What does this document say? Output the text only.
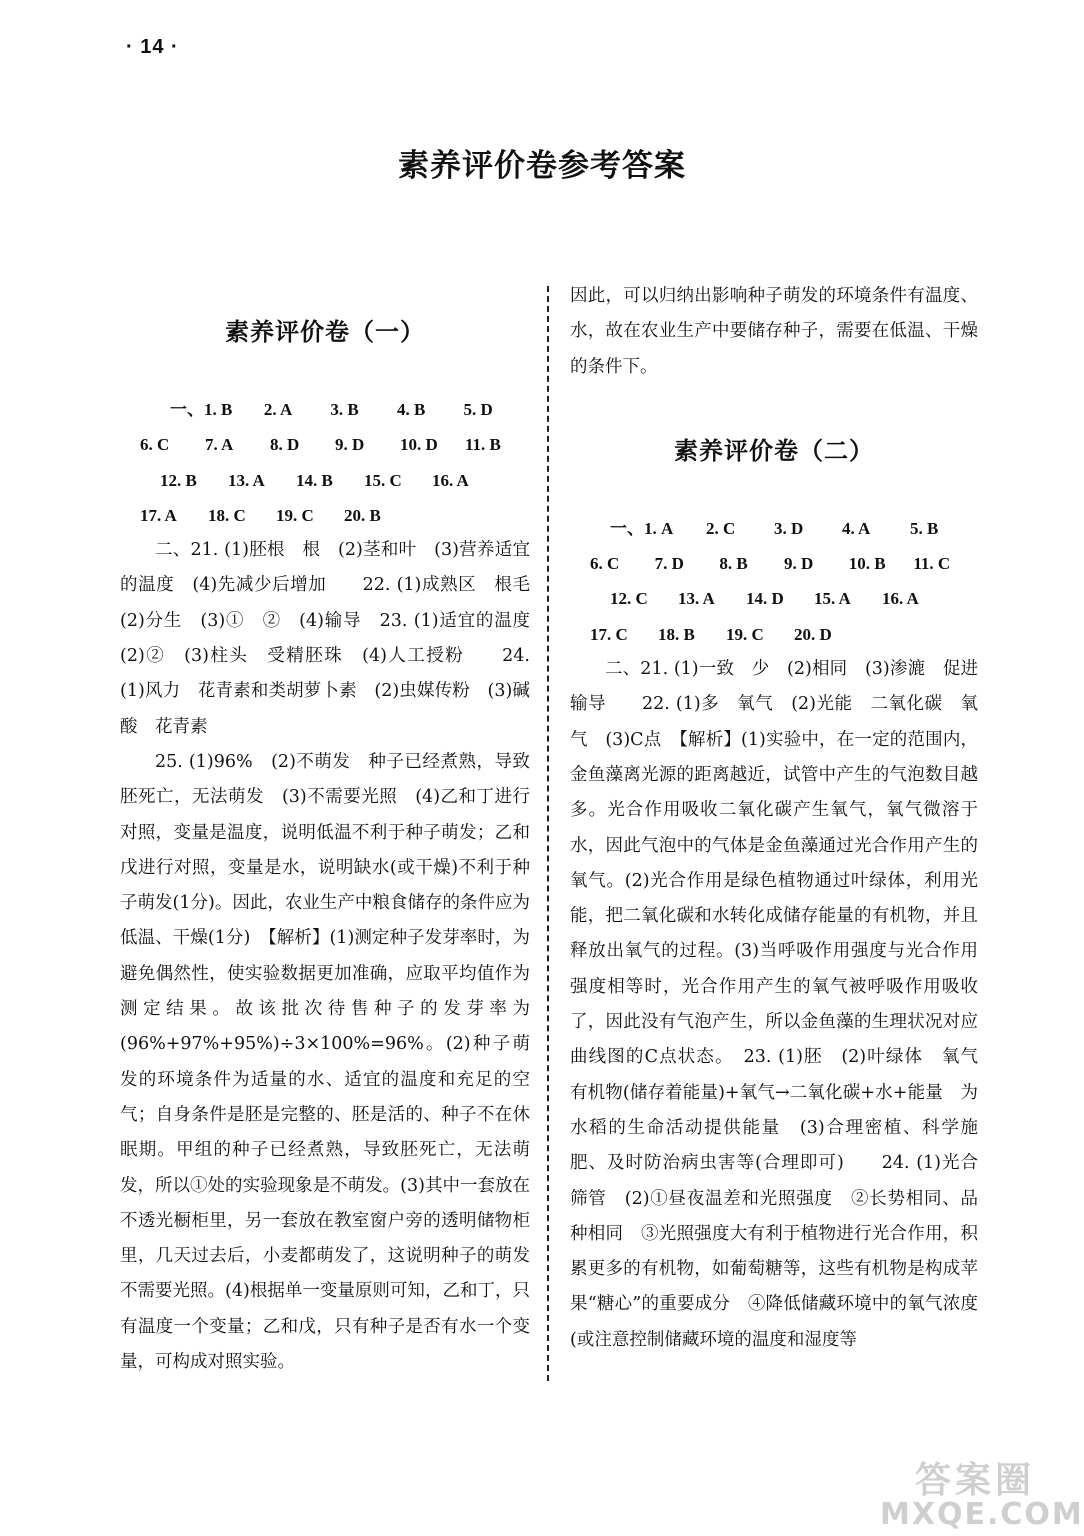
· 14 ·
素养评价卷参考答案
素养评价卷（一）
一、1. B	2. A	3. B	4. B	5. D
6. C	7. A	8. D	9. D	10. D	11. B
12. B	13. A	14. B	15. C	16. A
17. A	18. C	19. C	20. B

二、21. (1)胚根　根　(2)茎和叶　(3)营养适宜的温度　(4)先减少后增加　　22. (1)成熟区　根毛　(2)分生　(3)①　②　(4)输导　23. (1)适宜的温度　(2)②　(3)柱头　受精胚珠　(4)人工授粉　　24. (1)风力　花青素和类胡萝卜素　(2)虫媒传粉　(3)碱　酸　花青素

25. (1)96%　(2)不萌发　种子已经煮熟，导致胚死亡，无法萌发　(3)不需要光照　(4)乙和丁进行对照，变量是温度，说明低温不利于种子萌发；乙和戊进行对照，变量是水，说明缺水(或干燥)不利于种子萌发(1分)。因此，农业生产中粮食储存的条件应为低温、干燥(1分)　【解析】(1)测定种子发芽率时，为避免偶然性，使实验数据更加准确，应取平均值作为测定结果。故该批次待售种子的发芽率为(96%+97%+95%)÷3×100%=96%。(2)种子萌发的环境条件为适量的水、适宜的温度和充足的空气；自身条件是胚是完整的、胚是活的、种子不在休眠期。甲组的种子已经煮熟，导致胚死亡，无法萌发，所以①处的实验现象是不萌发。(3)其中一套放在不透光橱柜里，另一套放在教室窗户旁的透明储物柜里，几天过去后，小麦都萌发了，这说明种子的萌发不需要光照。(4)根据单一变量原则可知，乙和丁，只有温度一个变量；乙和戊，只有种子是否有水一个变量，可构成对照实验。

因此，可以归纳出影响种子萌发的环境条件有温度、水，故在农业生产中要储存种子，需要在低温、干燥的条件下。

素养评价卷（二）
一、1. A	2. C	3. D	4. A	5. B
6. C	7. D	8. B	9. D	10. B	11. C
12. C	13. A	14. D	15. A	16. A
17. C	18. B	19. C	20. D

二、21. (1)一致　少　(2)相同　(3)渗漉　促进　输导　　22. (1)多　氧气　(2)光能　二氧化碳　氧气　(3)C点　【解析】(1)实验中，在一定的范围内，金鱼藻离光源的距离越近，试管中产生的气泡数目越多。光合作用吸收二氧化碳产生氧气，氧气微溶于水，因此气泡中的气体是金鱼藻通过光合作用产生的氧气。(2)光合作用是绿色植物通过叶绿体，利用光能，把二氧化碳和水转化成储存能量的有机物，并且释放出氧气的过程。(3)当呼吸作用强度与光合作用强度相等时，光合作用产生的氧气被呼吸作用吸收了，因此没有气泡产生，所以金鱼藻的生理状况对应曲线图的C点状态。　23. (1)胚　(2)叶绿体　氧气　有机物(储存着能量)+氧气→二氧化碳+水+能量　为水稻的生命活动提供能量　(3)合理密植、科学施肥、及时防治病虫害等(合理即可)　　24. (1)光合　筛管　(2)①昼夜温差和光照强度　②长势相同、品种相同　③光照强度大有利于植物进行光合作用，积累更多的有机物，如葡萄糖等，这些有机物是构成苹果“糖心”的重要成分　④降低储藏环境中的氧气浓度(或注意控制储藏环境的温度和湿度等

答案圈
MXQE.COM
